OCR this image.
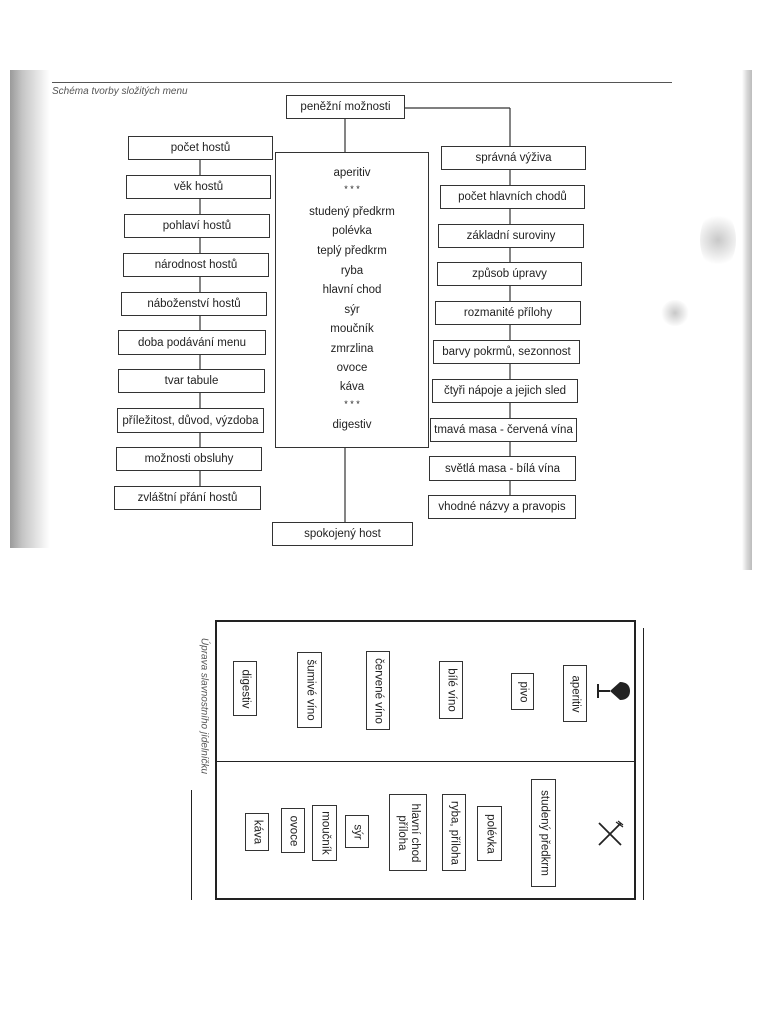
Schéma tvorby složitých menu
peněžní možnosti
počet hostů
věk hostů
pohlaví hostů
národnost hostů
náboženství hostů
doba podávání menu
tvar tabule
příležitost, důvod, výzdoba
možnosti obsluhy
zvláštní přání hostů
aperitiv
* * *
studený předkrm
polévka
teplý předkrm
ryba
hlavní chod
sýr
moučník
zmrzlina
ovoce
káva
* * *
digestiv
správná výživa
počet hlavních chodů
základní suroviny
způsob úpravy
rozmanité přílohy
barvy pokrmů, sezonnost
čtyři nápoje a jejich sled
tmavá masa - červená vína
světlá masa - bílá vína
vhodné názvy a pravopis
spokojený host
Úprava slavnostního jídelníčku	aperitiv
pivo
bílé víno
červené víno
šumivé víno
digestiv
studený předkrm
polévka
ryba, příloha
hlavní chod
příloha
sýr
moučník
ovoce
káva
